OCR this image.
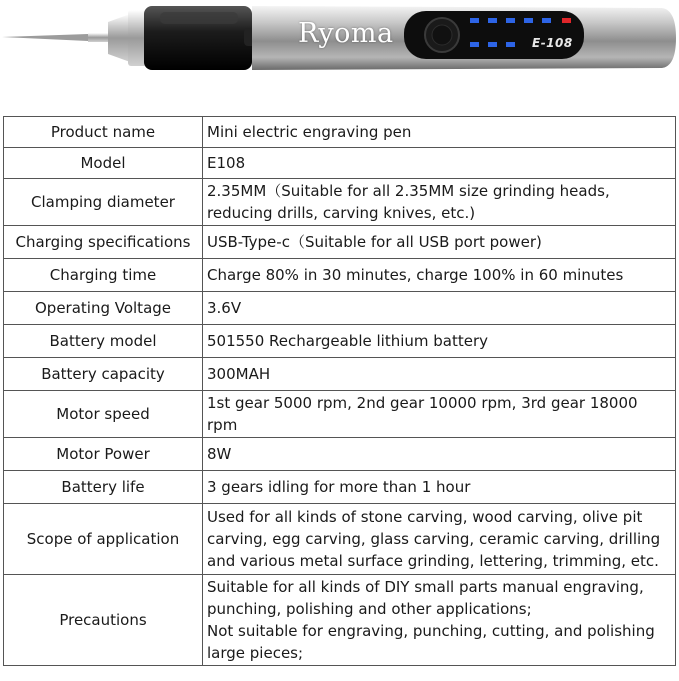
Ryoma	E-108
Product name	Mini electric engraving pen

Model	E108

Clamping diameter	2.35MM（Suitable for all 2.35MM size grinding heads,
reducing drills, carving knives, etc.)

Charging specifications	USB-Type-c（Suitable for all USB port power)

Charging time	Charge 80% in 30 minutes, charge 100% in 60 minutes

Operating Voltage	3.6V

Battery model	501550 Rechargeable lithium battery

Battery capacity	300MAH

Motor speed	1st gear 5000 rpm, 2nd gear 10000 rpm, 3rd gear 18000 rpm

Motor Power	8W

Battery life	3 gears idling for more than 1 hour

Scope of application	Used for all kinds of stone carving, wood carving, olive pit
carving, egg carving, glass carving, ceramic carving, drilling
and various metal surface grinding, lettering, trimming, etc.

Precautions	Suitable for all kinds of DIY small parts manual engraving,
punching, polishing and other applications;
Not suitable for engraving, punching, cutting, and polishing
large pieces;
